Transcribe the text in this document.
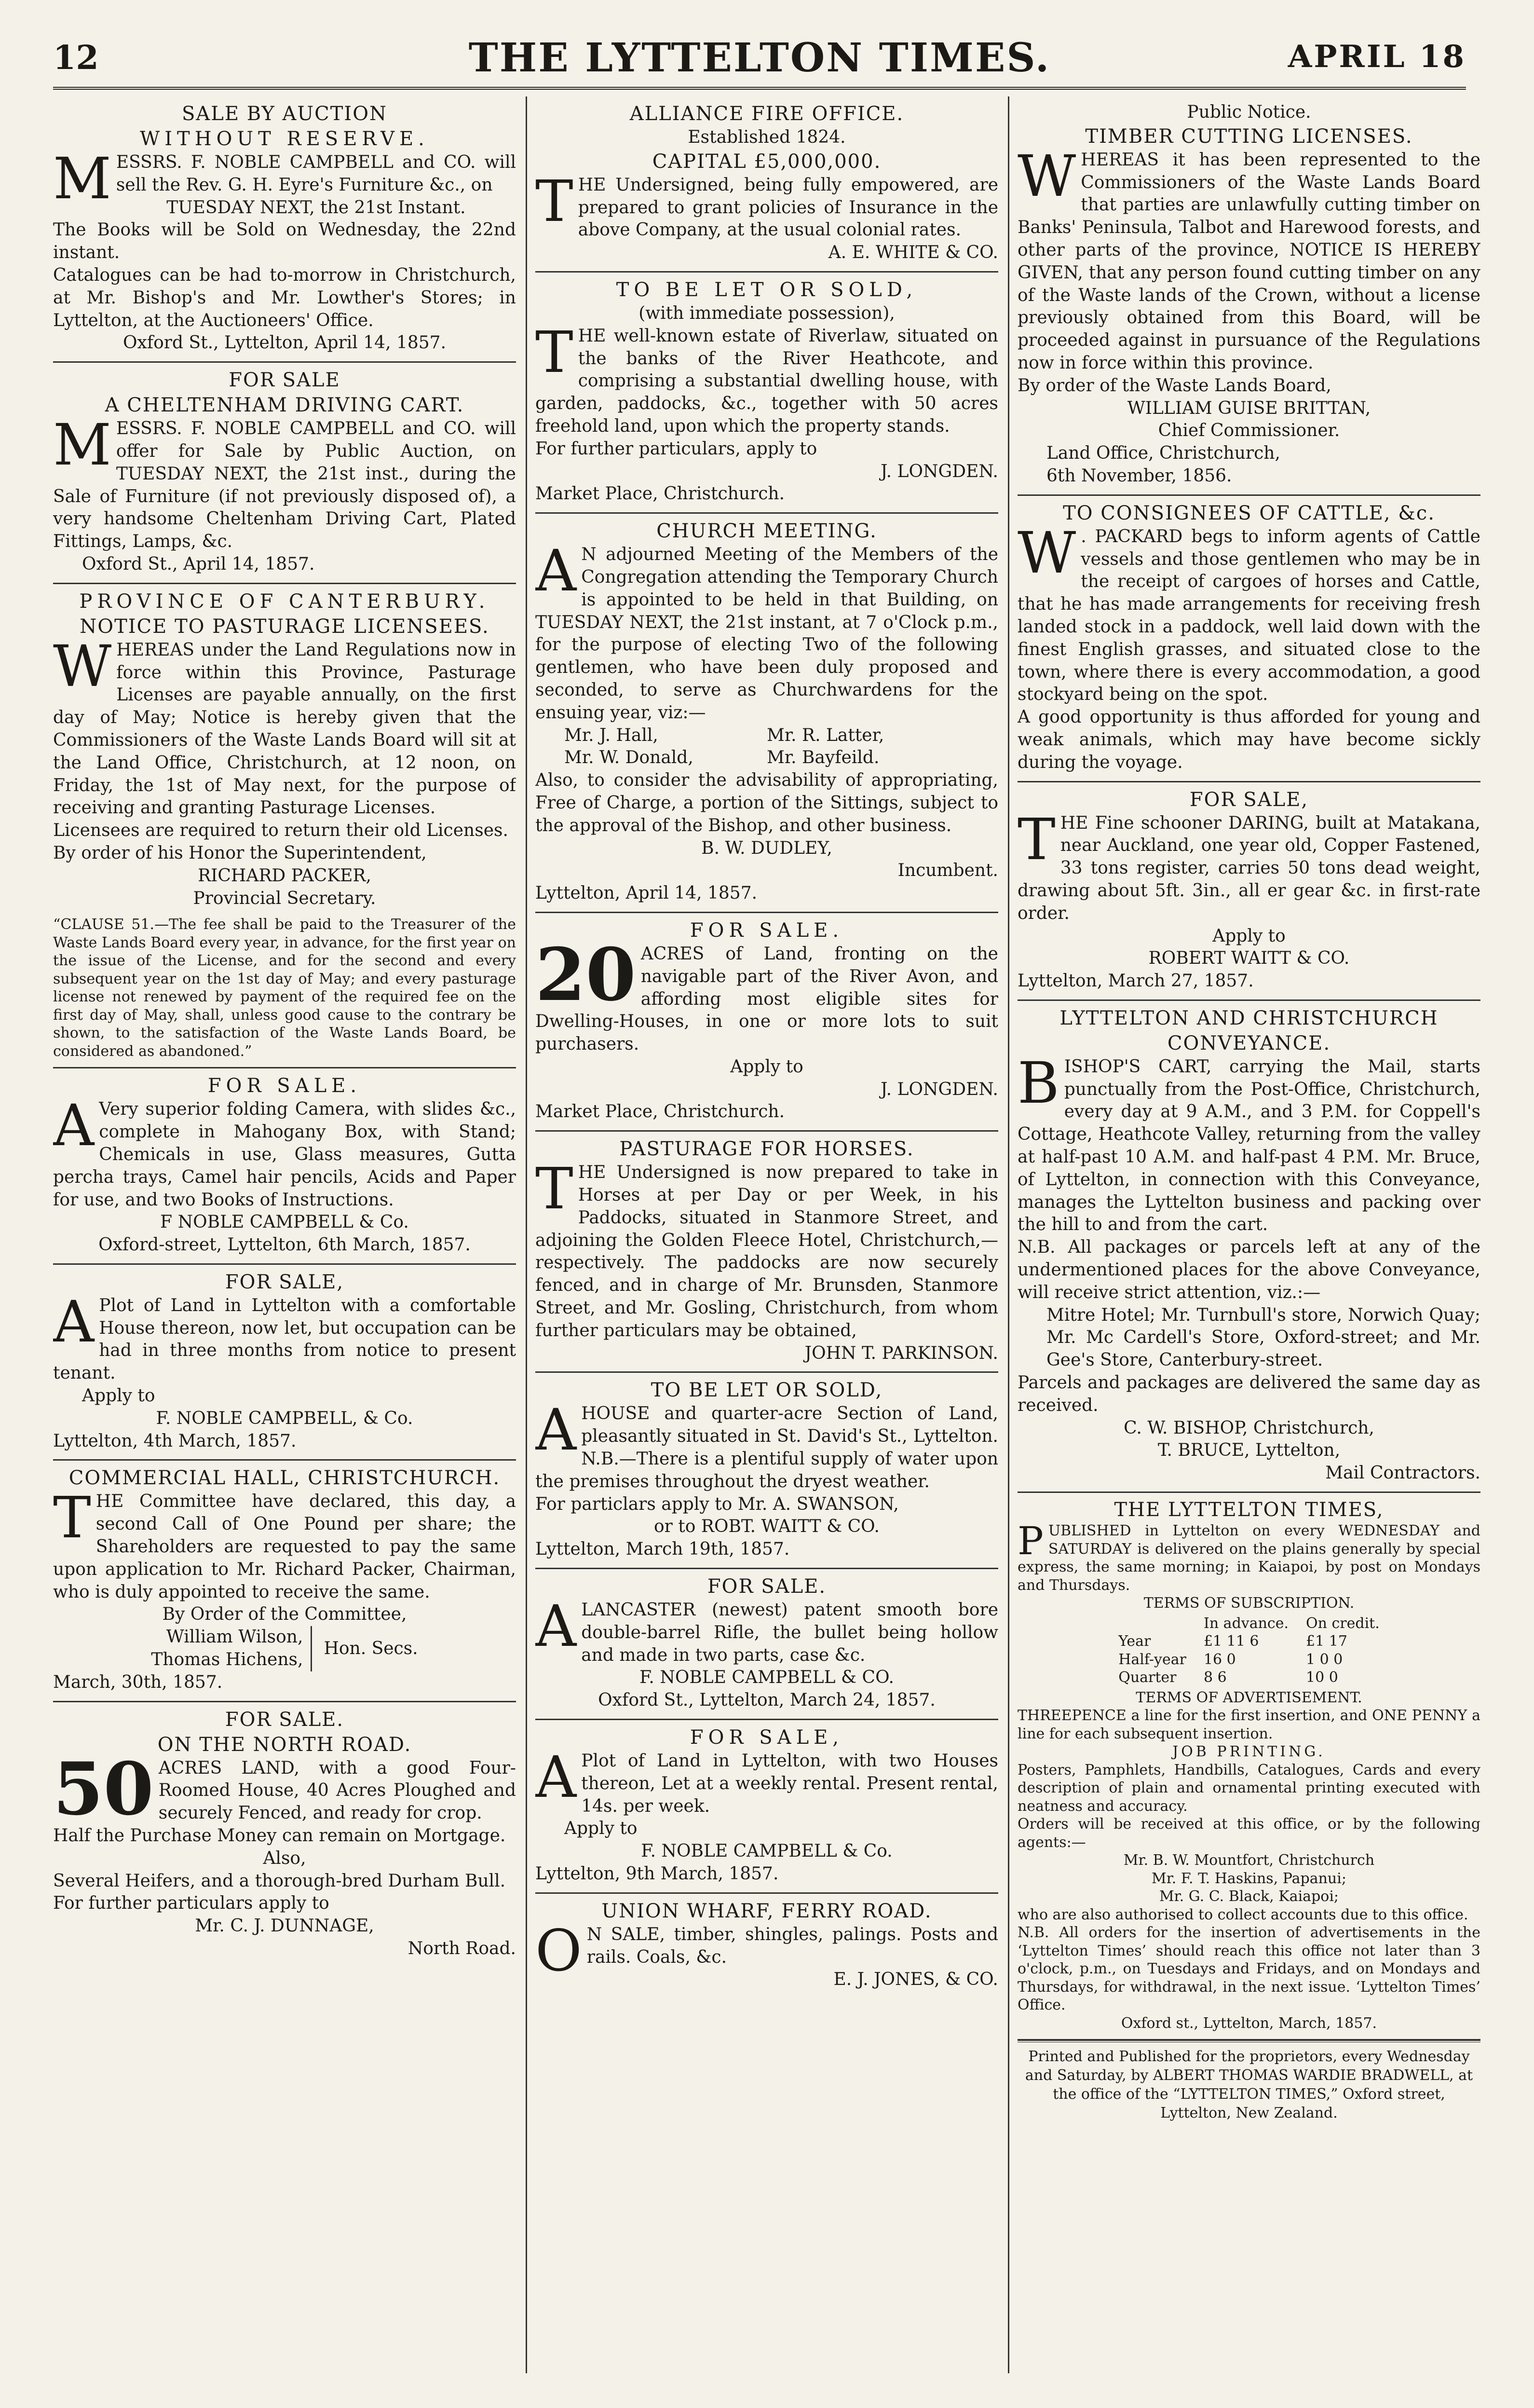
12	THE LYTTELTON TIMES.	APRIL 18
SALE BY AUCTION
WITHOUT RESERVE.

MESSRS. F. NOBLE CAMPBELL and CO. will sell the Rev. G. H. Eyre's Furniture &c., on

TUESDAY NEXT, the 21st Instant.

The Books will be Sold on Wednesday, the 22nd instant.

Catalogues can be had to-morrow in Christchurch, at Mr. Bishop's and Mr. Lowther's Stores; in Lyttelton, at the Auctioneers' Office.

Oxford St., Lyttelton, April 14, 1857.
FOR SALE
A CHELTENHAM DRIVING CART.

MESSRS. F. NOBLE CAMPBELL and CO. will offer for Sale by Public Auction, on TUESDAY NEXT, the 21st inst., during the Sale of Furniture (if not previously disposed of), a very handsome Cheltenham Driving Cart, Plated Fittings, Lamps, &c.

Oxford St., April 14, 1857.
PROVINCE OF CANTERBURY.
NOTICE TO PASTURAGE LICENSEES.

WHEREAS under the Land Regulations now in force within this Province, Pasturage Licenses are payable annually, on the first day of May; Notice is hereby given that the Commissioners of the Waste Lands Board will sit at the Land Office, Christchurch, at 12 noon, on Friday, the 1st of May next, for the purpose of receiving and granting Pasturage Licenses.

Licensees are required to return their old Licenses.

By order of his Honor the Superintendent,

RICHARD PACKER,
Provincial Secretary.

“CLAUSE 51.—The fee shall be paid to the Treasurer of the Waste Lands Board every year, in advance, for the first year on the issue of the License, and for the second and every subsequent year on the 1st day of May; and every pasturage license not renewed by payment of the required fee on the first day of May, shall, unless good cause to the contrary be shown, to the satisfaction of the Waste Lands Board, be considered as abandoned.”

FOR SALE.

A Very superior folding Camera, with slides &c., complete in Mahogany Box, with Stand; Chemicals in use, Glass measures, Gutta percha trays, Camel hair pencils, Acids and Paper for use, and two Books of Instructions.

F NOBLE CAMPBELL & Co.
Oxford-street, Lyttelton, 6th March, 1857.
FOR SALE,

A Plot of Land in Lyttelton with a comfortable House thereon, now let, but occupation can be had in three months from notice to present tenant.

Apply to
F. NOBLE CAMPBELL, & Co.
Lyttelton, 4th March, 1857.
COMMERCIAL HALL, CHRISTCHURCH.

THE Committee have declared, this day, a second Call of One Pound per share; the Shareholders are requested to pay the same upon application to Mr. Richard Packer, Chairman, who is duly appointed to receive the same.

By Order of the Committee,
William Wilson,
Thomas Hichens,
Hon. Secs.
March, 30th, 1857.
FOR SALE.
ON THE NORTH ROAD.

50 ACRES LAND, with a good Four-Roomed House, 40 Acres Ploughed and securely Fenced, and ready for crop.

Half the Purchase Money can remain on Mortgage.

Also,

Several Heifers, and a thorough-bred Durham Bull.

For further particulars apply to

Mr. C. J. DUNNAGE,
North Road.
ALLIANCE FIRE OFFICE.
Established 1824.
CAPITAL £5,000,000.

THE Undersigned, being fully empowered, are prepared to grant policies of Insurance in the above Company, at the usual colonial rates.

A. E. WHITE & CO.
TO BE LET OR SOLD,
(with immediate possession),

THE well-known estate of Riverlaw, situated on the banks of the River Heathcote, and comprising a substantial dwelling house, with garden, paddocks, &c., together with 50 acres freehold land, upon which the property stands.

For further particulars, apply to

J. LONGDEN.
Market Place, Christchurch.
CHURCH MEETING.

A N adjourned Meeting of the Members of the Congregation attending the Temporary Church is appointed to be held in that Building, on TUESDAY NEXT, the 21st instant, at 7 o'Clock p.m., for the purpose of electing Two of the following gentlemen, who have been duly proposed and seconded, to serve as Churchwardens for the ensuing year, viz:—

Mr. J. Hall,	Mr. R. Latter,
Mr. W. Donald,	Mr. Bayfeild.

Also, to consider the advisability of appropriating, Free of Charge, a portion of the Sittings, subject to the approval of the Bishop, and other business.

B. W. DUDLEY,
Incumbent.
Lyttelton, April 14, 1857.
FOR SALE.

20 ACRES of Land, fronting on the navigable part of the River Avon, and affording most eligible sites for Dwelling-Houses, in one or more lots to suit purchasers.

Apply to
J. LONGDEN.
Market Place, Christchurch.
PASTURAGE FOR HORSES.

THE Undersigned is now prepared to take in Horses at per Day or per Week, in his Paddocks, situated in Stanmore Street, and adjoining the Golden Fleece Hotel, Christchurch,—respectively. The paddocks are now securely fenced, and in charge of Mr. Brunsden, Stanmore Street, and Mr. Gosling, Christchurch, from whom further particulars may be obtained,

JOHN T. PARKINSON.
TO BE LET OR SOLD,

AHOUSE and quarter-acre Section of Land, pleasantly situated in St. David's St., Lyttelton. N.B.—There is a plentiful supply of water upon the premises throughout the dryest weather.

For particlars apply to Mr. A. SWANSON,

or to ROBT. WAITT & CO.
Lyttelton, March 19th, 1857.
FOR SALE.

ALANCASTER (newest) patent smooth bore double-barrel Rifle, the bullet being hollow and made in two parts, case &c.

F. NOBLE CAMPBELL & CO.
Oxford St., Lyttelton, March 24, 1857.
FOR SALE,

A Plot of Land in Lyttelton, with two Houses thereon, Let at a weekly rental. Present rental, 14s. per week.

Apply to
F. NOBLE CAMPBELL & Co.
Lyttelton, 9th March, 1857.
UNION WHARF, FERRY ROAD.

O N SALE, timber, shingles, palings. Posts and rails. Coals, &c.

E. J. JONES, & CO.
Public Notice.
TIMBER CUTTING LICENSES.

WHEREAS it has been represented to the Commissioners of the Waste Lands Board that parties are unlawfully cutting timber on Banks' Peninsula, Talbot and Harewood forests, and other parts of the province, NOTICE IS HEREBY GIVEN, that any person found cutting timber on any of the Waste lands of the Crown, without a license previously obtained from this Board, will be proceeded against in pursuance of the Regulations now in force within this province.

By order of the Waste Lands Board,

WILLIAM GUISE BRITTAN,
Chief Commissioner.
Land Office, Christchurch,
6th November, 1856.
TO CONSIGNEES OF CATTLE, &c.

W . PACKARD begs to inform agents of Cattle vessels and those gentlemen who may be in the receipt of cargoes of horses and Cattle, that he has made arrangements for receiving fresh landed stock in a paddock, well laid down with the finest English grasses, and situated close to the town, where there is every accommodation, a good stockyard being on the spot.

A good opportunity is thus afforded for young and weak animals, which may have become sickly during the voyage.

FOR SALE,

THE Fine schooner DARING, built at Matakana, near Auckland, one year old, Copper Fastened, 33 tons register, carries 50 tons dead weight, drawing about 5ft. 3in., all er gear &c. in first-rate order.

Apply to
ROBERT WAITT & CO.
Lyttelton, March 27, 1857.
LYTTELTON AND CHRISTCHURCH
CONVEYANCE.

BISHOP'S CART, carrying the Mail, starts punctually from the Post-Office, Christchurch, every day at 9 A.M., and 3 P.M. for Coppell's Cottage, Heathcote Valley, returning from the valley at half-past 10 A.M. and half-past 4 P.M. Mr. Bruce, of Lyttelton, in connection with this Conveyance, manages the Lyttelton business and packing over the hill to and from the cart.

N.B. All packages or parcels left at any of the undermentioned places for the above Conveyance, will receive strict attention, viz.:—

Mitre Hotel; Mr. Turnbull's store, Norwich Quay; Mr. Mc Cardell's Store, Oxford-street; and Mr. Gee's Store, Canterbury-street.

Parcels and packages are delivered the same day as received.

C. W. BISHOP, Christchurch,
T. BRUCE, Lyttelton,
Mail Contractors.
THE LYTTELTON TIMES,

PUBLISHED in Lyttelton on every WEDNESDAY and SATURDAY is delivered on the plains generally by special express, the same morning; in Kaiapoi, by post on Mondays and Thursdays.

TERMS OF SUBSCRIPTION.
	In advance.	On credit.
Year	£1 11 6	£1 17
Half-year	16 0	1 0 0
Quarter	8 6	10 0
TERMS OF ADVERTISEMENT.

THREEPENCE a line for the first insertion, and ONE PENNY a line for each subsequent insertion.

JOB PRINTING.

Posters, Pamphlets, Handbills, Catalogues, Cards and every description of plain and ornamental printing executed with neatness and accuracy.

Orders will be received at this office, or by the following agents:—

Mr. B. W. Mountfort, Christchurch
Mr. F. T. Haskins, Papanui;
Mr. G. C. Black, Kaiapoi;

who are also authorised to collect accounts due to this office.

N.B. All orders for the insertion of advertisements in the ‘Lyttelton Times’ should reach this office not later than 3 o'clock, p.m., on Tuesdays and Fridays, and on Mondays and Thursdays, for withdrawal, in the next issue. ‘Lyttelton Times’ Office.

Oxford st., Lyttelton, March, 1857.
Printed and Published for the proprietors, every Wednesday and Saturday, by ALBERT THOMAS WARDIE BRADWELL, at the office of the “LYTTELTON TIMES,” Oxford street, Lyttelton, New Zealand.
